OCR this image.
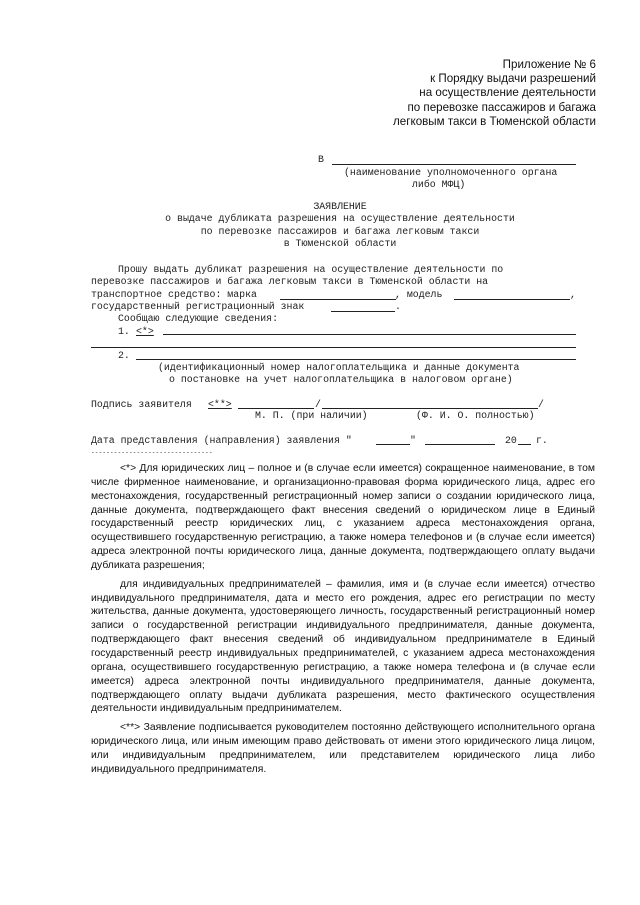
Приложение № 6
к Порядку выдачи разрешений
на осуществление деятельности
по перевозке пассажиров и багажа
легковым такси в Тюменской области
В
(наименование уполномоченного органа
либо МФЦ)
ЗАЯВЛЕНИЕ
о выдаче дубликата разрешения на осуществление деятельности
по перевозке пассажиров и багажа легковым такси
в Тюменской области
Прошу выдать дубликат разрешения на осуществление деятельности по
перевозке пассажиров и багажа легковым такси в Тюменской области на
транспортное средство: марка	, модель	,
государственный регистрационный знак	.
Сообщаю следующие сведения:
1. <*>
2.
(идентификационный номер налогоплательщика и данные документа
о постановке на учет налогоплательщика в налоговом органе)
Подпись заявителя <**>	/	/
М. П. (при наличии)	(Ф. И. О. полностью)
Дата представления (направления) заявления "	"	20 г.
--------------------------------

<*> Для юридических лиц – полное и (в случае если имеется) сокращенное наименование, в том числе фирменное наименование, и организационно-правовая форма юридического лица, адрес его местонахождения, государственный регистрационный номер записи о создании юридического лица, данные документа, подтверждающего факт внесения сведений о юридическом лице в Единый государственный реестр юридических лиц, с указанием адреса местонахождения органа, осуществившего государственную регистрацию, а также номера телефонов и (в случае если имеется) адреса электронной почты юридического лица, данные документа, подтверждающего оплату выдачи дубликата разрешения;

для индивидуальных предпринимателей – фамилия, имя и (в случае если имеется) отчество индивидуального предпринимателя, дата и место его рождения, адрес его регистрации по месту жительства, данные документа, удостоверяющего личность, государственный регистрационный номер записи о государственной регистрации индивидуального предпринимателя, данные документа, подтверждающего факт внесения сведений об индивидуальном предпринимателе в Единый государственный реестр индивидуальных предпринимателей, с указанием адреса местонахождения органа, осуществившего государственную регистрацию, а также номера телефона и (в случае если имеется) адреса электронной почты индивидуального предпринимателя, данные документа, подтверждающего оплату выдачи дубликата разрешения, место фактического осуществления деятельности индивидуальным предпринимателем.

<**> Заявление подписывается руководителем постоянно действующего исполнительного органа юридического лица, или иным имеющим право действовать от имени этого юридического лица лицом, или индивидуальным предпринимателем, или представителем юридического лица либо индивидуального предпринимателя.
